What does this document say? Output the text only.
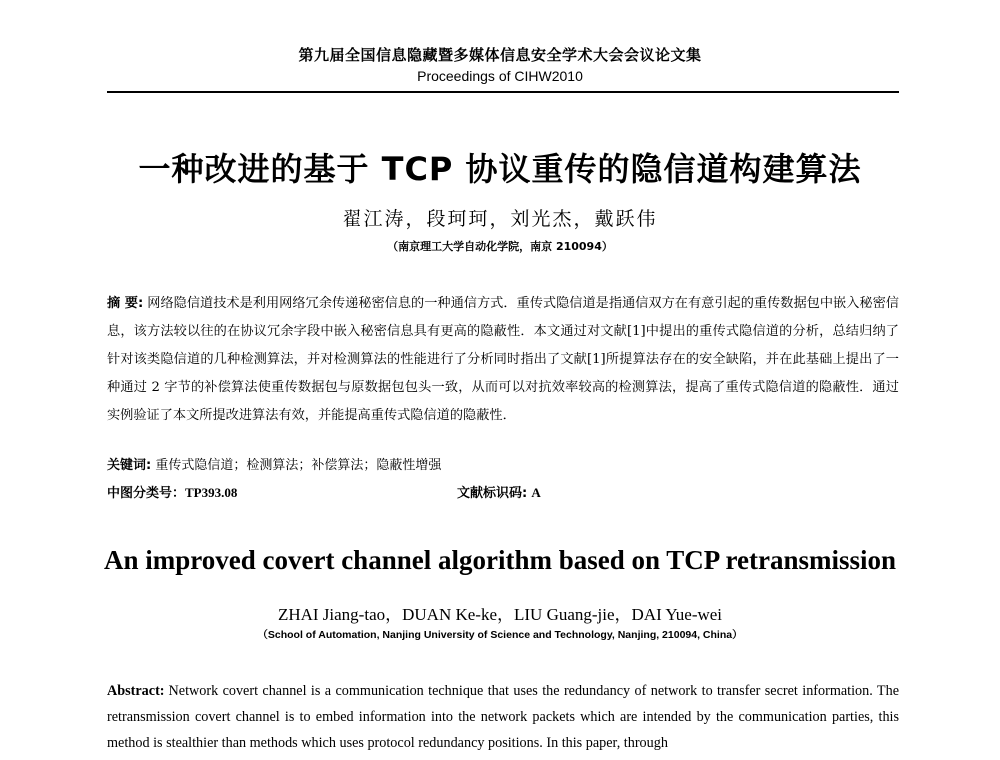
第九届全国信息隐藏暨多媒体信息安全学术大会会议论文集
Proceedings of CIHW2010
一种改进的基于 TCP 协议重传的隐信道构建算法
翟江涛，段珂珂，刘光杰，戴跃伟
（南京理工大学自动化学院，南京 210094）
摘 要: 网络隐信道技术是利用网络冗余传递秘密信息的一种通信方式．重传式隐信道是指通信双方在有意引起的重传数据包中嵌入秘密信息，该方法较以往的在协议冗余字段中嵌入秘密信息具有更高的隐蔽性．本文通过对文献[1]中提出的重传式隐信道的分析，总结归纳了针对该类隐信道的几种检测算法，并对检测算法的性能进行了分析同时指出了文献[1]所提算法存在的安全缺陷，并在此基础上提出了一种通过 2 字节的补偿算法使重传数据包与原数据包包头一致，从而可以对抗效率较高的检测算法，提高了重传式隐信道的隐蔽性．通过实例验证了本文所提改进算法有效，并能提高重传式隐信道的隐蔽性．
关键词: 重传式隐信道；检测算法；补偿算法；隐蔽性增强
中图分类号：TP393.08	文献标识码: A
An improved covert channel algorithm based on TCP retransmission
ZHAI Jiang-tao，DUAN Ke-ke，LIU Guang-jie，DAI Yue-wei
（School of Automation, Nanjing University of Science and Technology, Nanjing, 210094, China）
Abstract: Network covert channel is a communication technique that uses the redundancy of network to transfer secret information. The retransmission covert channel is to embed information into the network packets which are intended by the communication parties, this method is stealthier than methods which uses protocol redundancy positions. In this paper, through
